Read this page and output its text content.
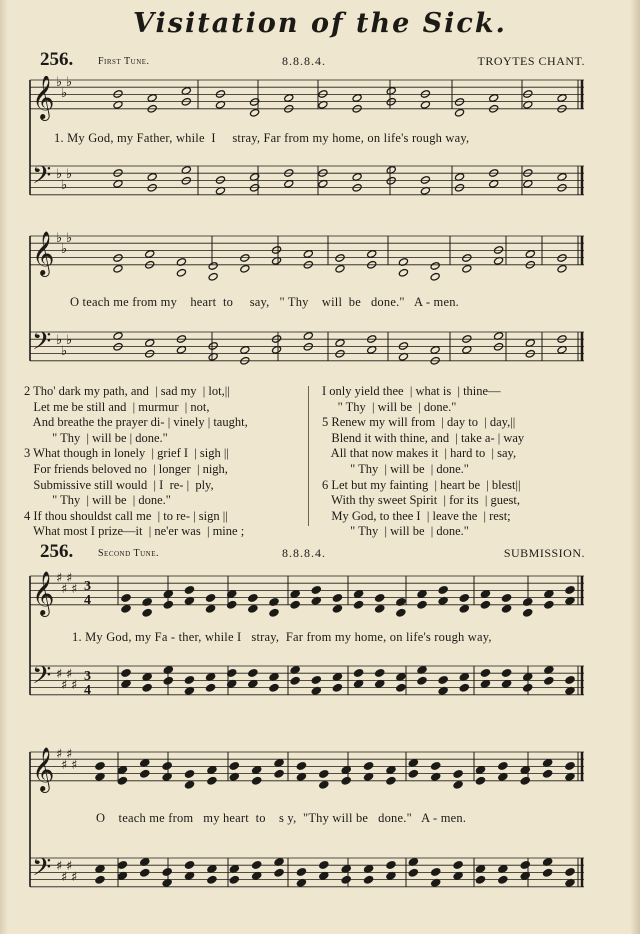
Visitation of the Sick.
256. First Tune.	8.8.8.4.	TROYTES CHANT.
𝄞
𝄢
♭
♭
♭
♭
♭
♭
1. My God, my Father, while  I     stray, Far from my home, on life's rough way,
𝄞
𝄢
♭
♭
♭
♭
♭
♭
O teach me from my    heart  to     say,   " Thy    will  be   done."   A - men.

2 Tho' dark my path, and  | sad my  | lot,||

Let me be still and  | murmur  | not,

And breathe the prayer di- | vinely | taught,

" Thy  | will be | done."

3 What though in lonely  | grief I  | sigh ||

For friends beloved no  | longer  | nigh,

Submissive still would  | I  re- |  ply,

" Thy  | will be  | done."

4 If thou shouldst call me  | to re- | sign ||

What most I prize—it  | ne'er was  | mine ;

I only yield thee  | what is  | thine—

" Thy  | will be  | done."

5 Renew my will from  | day to  | day,||

Blend it with thine, and  | take a- | way

All that now makes it  | hard to  | say,

" Thy  | will be  | done."

6 Let but my fainting  | heart be  | blest||

With thy sweet Spirit  | for its  | guest,

My God, to thee I  | leave the  | rest;

" Thy  | will be  | done."

256. Second Tune.	8.8.8.4.	SUBMISSION.
𝄞
𝄢
♯
♯
♯
♯
♯
♯
♯
♯
3
4
3
4
1. My God, my Fa - ther, while I   stray,  Far from my home, on life's rough way,
𝄞
𝄢
♯
♯
♯
♯
♯
♯
♯
♯
O    teach me from   my heart  to    s y,  "Thy will be   done."   A - men.
